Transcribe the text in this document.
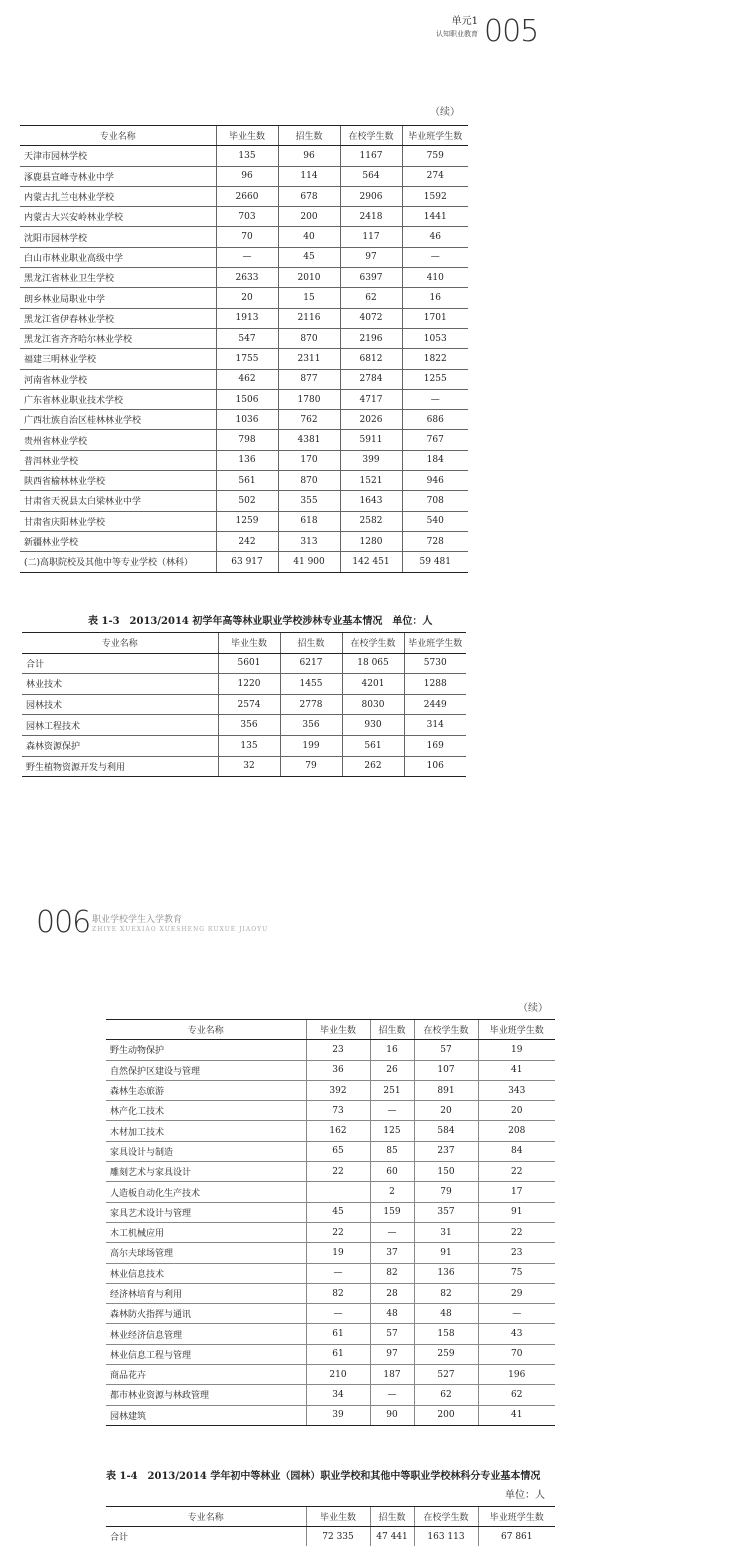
单元1
认知职业教育 005
（续）
专业名称	毕业生数	招生数	在校学生数	毕业班学生数
天津市园林学校	135	96	1167	759
涿鹿县宣峰寺林业中学	96	114	564	274
内蒙古扎兰屯林业学校	2660	678	2906	1592
内蒙古大兴安岭林业学校	703	200	2418	1441
沈阳市园林学校	70	40	117	46
白山市林业职业高级中学	—	45	97	—
黑龙江省林业卫生学校	2633	2010	6397	410
朗乡林业局职业中学	20	15	62	16
黑龙江省伊春林业学校	1913	2116	4072	1701
黑龙江省齐齐哈尔林业学校	547	870	2196	1053
福建三明林业学校	1755	2311	6812	1822
河南省林业学校	462	877	2784	1255
广东省林业职业技术学校	1506	1780	4717	—
广西壮族自治区桂林林业学校	1036	762	2026	686
贵州省林业学校	798	4381	5911	767
普洱林业学校	136	170	399	184
陕西省榆林林业学校	561	870	1521	946
甘肃省天祝县太白梁林业中学	502	355	1643	708
甘肃省庆阳林业学校	1259	618	2582	540
新疆林业学校	242	313	1280	728
(二)高职院校及其他中等专业学校（林科）	63 917	41 900	142 451	59 481
表 1-3　2013/2014 初学年高等林业职业学校涉林专业基本情况　单位：人
专业名称	毕业生数	招生数	在校学生数	毕业班学生数
合计	5601	6217	18 065	5730
林业技术	1220	1455	4201	1288
园林技术	2574	2778	8030	2449
园林工程技术	356	356	930	314
森林资源保护	135	199	561	169
野生植物资源开发与利用	32	79	262	106
006 职业学校学生入学教育
ZHIYE XUEXIAO XUESHENG RUXUE JIAOYU
（续）
专业名称	毕业生数	招生数	在校学生数	毕业班学生数
野生动物保护	23	16	57	19
自然保护区建设与管理	36	26	107	41
森林生态旅游	392	251	891	343
林产化工技术	73	—	20	20
木材加工技术	162	125	584	208
家具设计与制造	65	85	237	84
雕刻艺术与家具设计	22	60	150	22
人造板自动化生产技术		2	79	17
家具艺术设计与管理	45	159	357	91
木工机械应用	22	—	31	22
高尔夫球场管理	19	37	91	23
林业信息技术	—	82	136	75
经济林培育与利用	82	28	82	29
森林防火指挥与通讯	—	48	48	—
林业经济信息管理	61	57	158	43
林业信息工程与管理	61	97	259	70
商品花卉	210	187	527	196
都市林业资源与林政管理	34	—	62	62
园林建筑	39	90	200	41
表 1-4　2013/2014 学年初中等林业（园林）职业学校和其他中等职业学校林科分专业基本情况
单位：人
专业名称	毕业生数	招生数	在校学生数	毕业班学生数
合计	72 335	47 441	163 113	67 861
